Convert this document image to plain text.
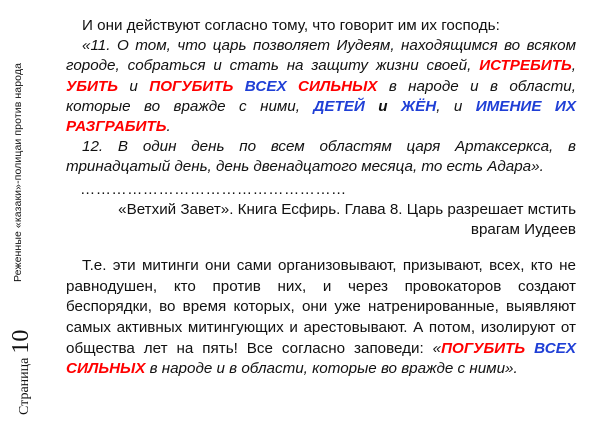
Реженные «казаки»-полицаи против народа
Страница10

И они действуют согласно тому, что говорит им их господь:

«11. О том, что царь позволяет Иудеям, находящимся во всяком городе, собраться и стать на защиту жизни своей, ИСТРЕБИТЬ, УБИТЬ и ПОГУБИТЬ ВСЕХ СИЛЬНЫХ в народе и в области, которые во вражде с ними, ДЕТЕЙ и ЖЁН, и ИМЕНИЕ ИХ РАЗГРАБИТЬ.

12. В один день по всем областям царя Артаксеркса, в тринадцатый день, день двенадцатого месяца, то есть Адара».

……………………………………………

«Ветхий Завет». Книга Есфирь. Глава 8. Царь разрешает мстить врагам Иудеев

Т.е. эти митинги они сами организовывают, призывают, всех, кто не равнодушен, кто против них, и через провокаторов создают беспорядки, во время которых, они уже натренированные, выявляют самых активных митингующих и арестовывают. А потом, изолируют от общества лет на пять! Все согласно заповеди: «ПОГУБИТЬ ВСЕХ СИЛЬНЫХ в народе и в области, которые во вражде с ними».
